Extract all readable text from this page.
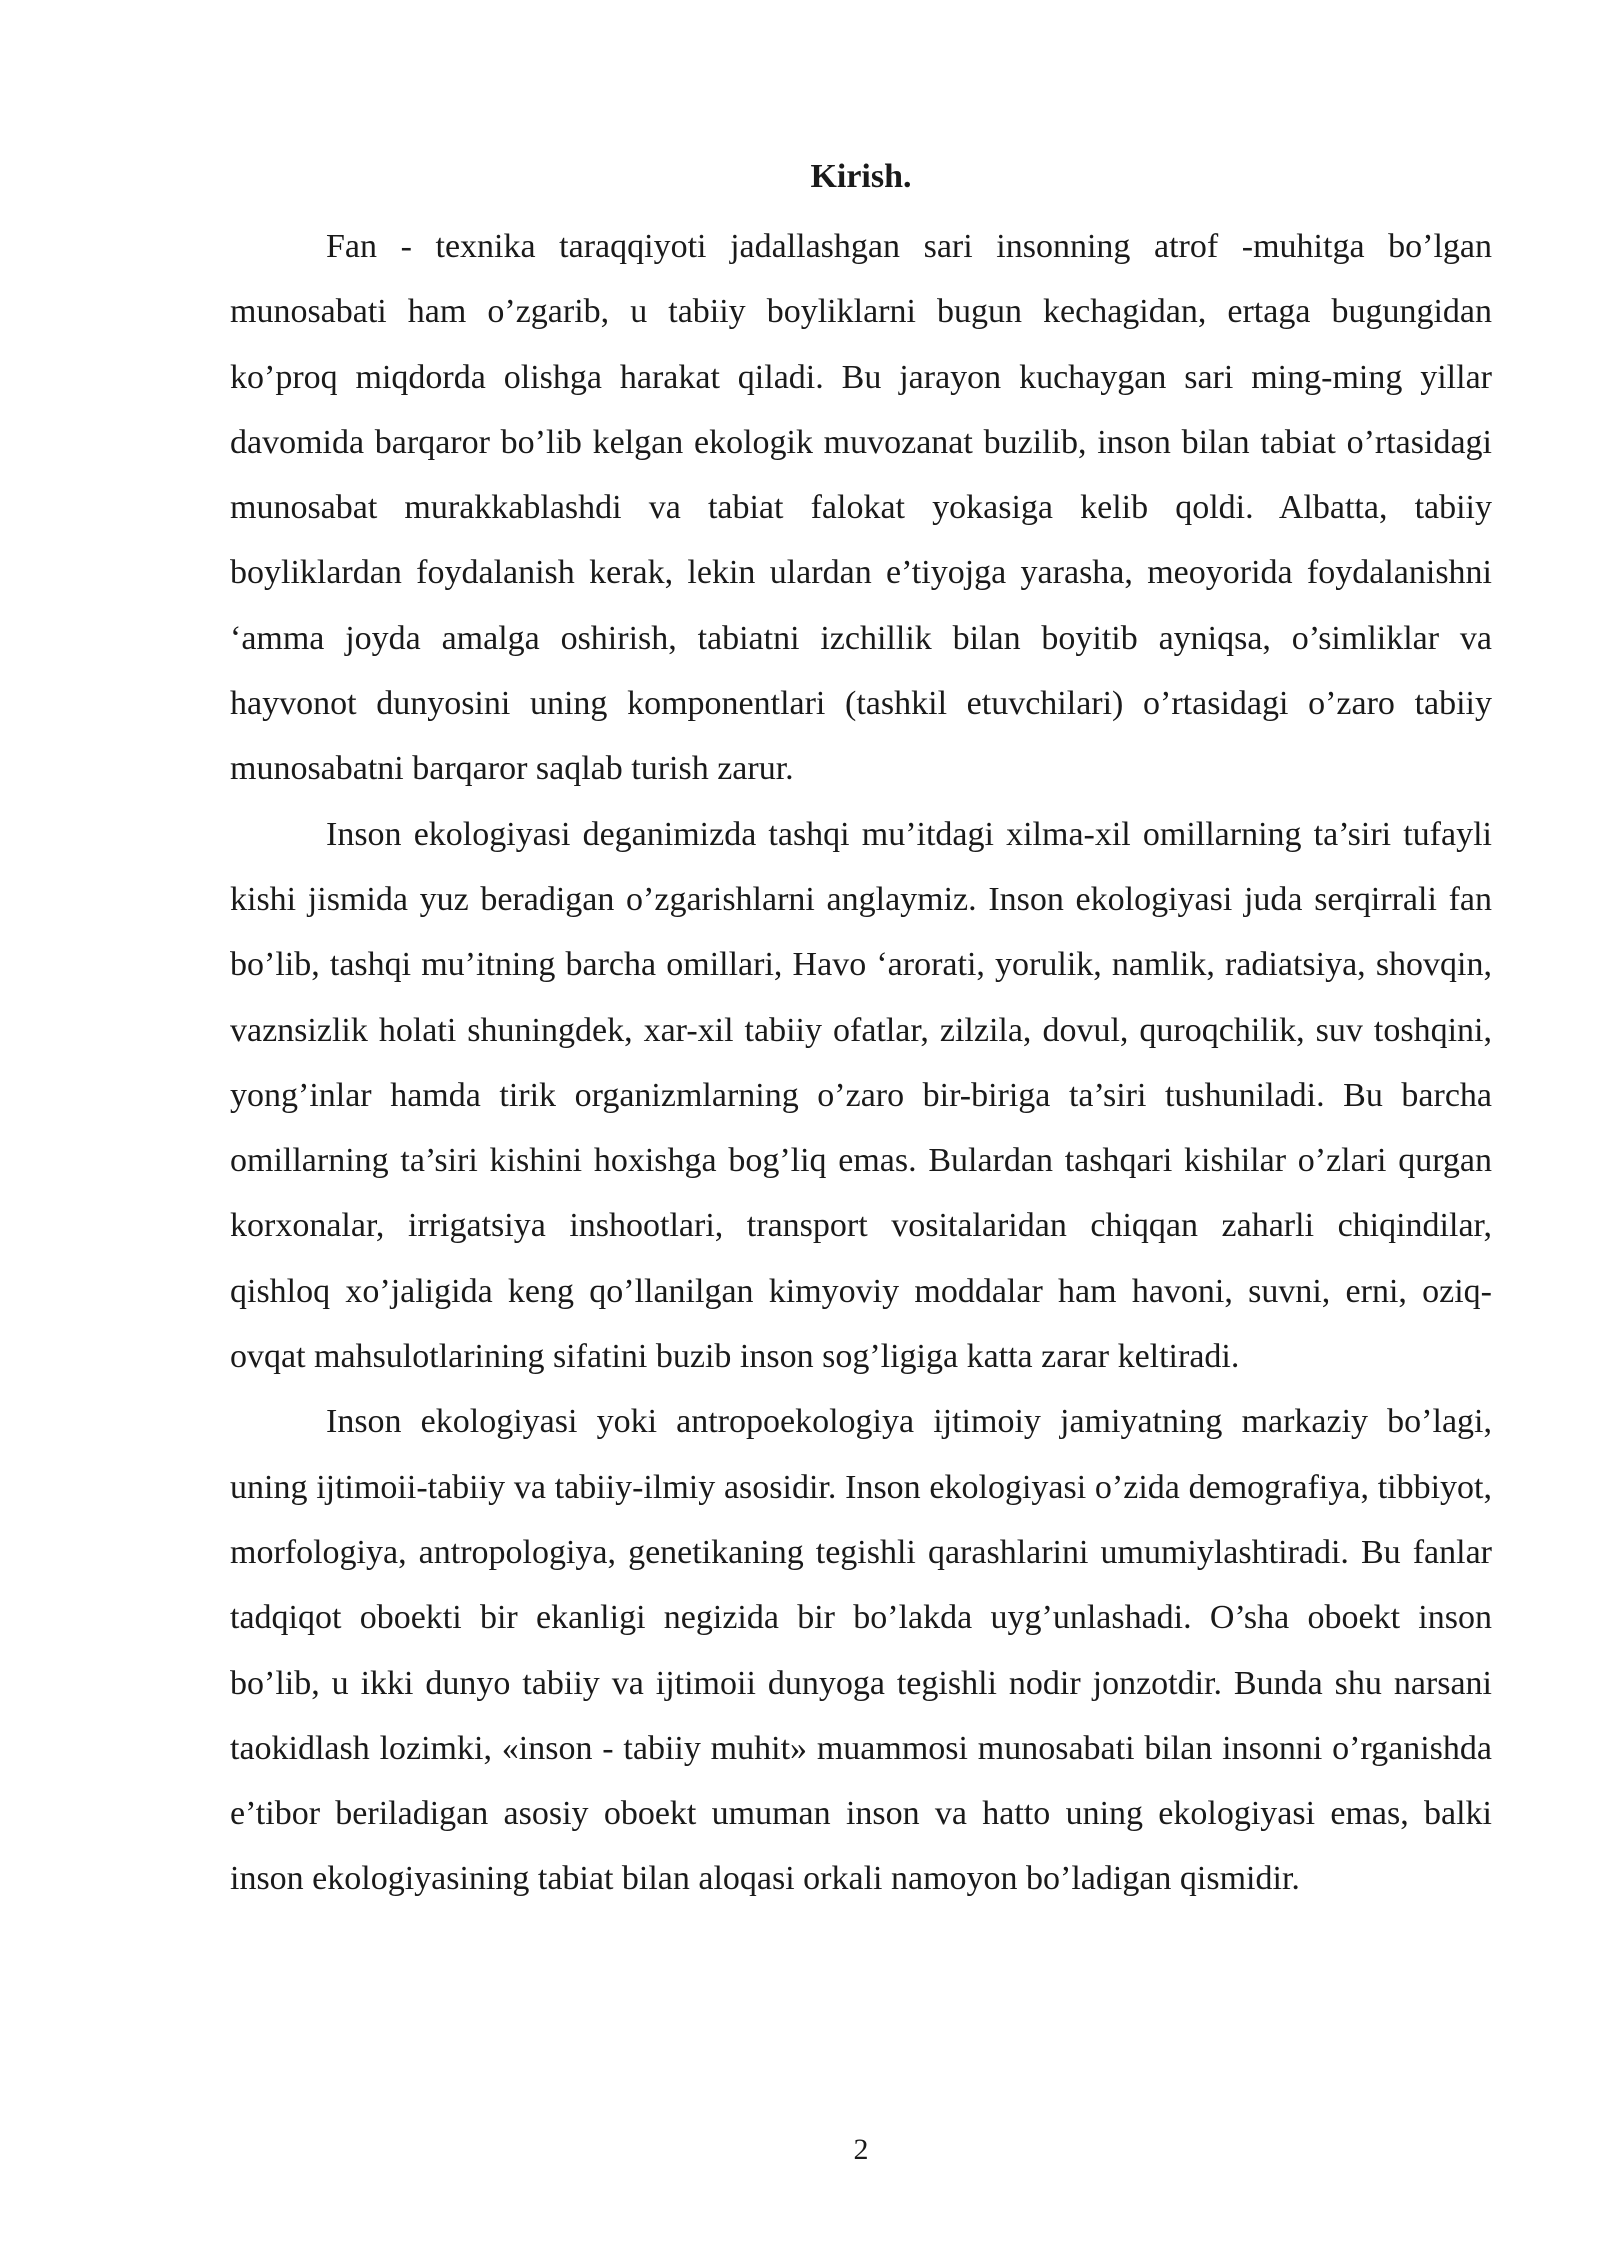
Kirish.

Fan - texnika taraqqiyoti jadallashgan sari insonning atrof -muhitga bo’lgan munosabati ham o’zgarib, u tabiiy boyliklarni bugun kechagidan, ertaga bugungidan ko’proq miqdorda olishga harakat qiladi. Bu jarayon kuchaygan sari ming-ming yillar davomida barqaror bo’lib kelgan ekologik muvozanat buzilib, inson bilan tabiat o’rtasidagi munosabat murakkablashdi va tabiat falokat yokasiga kelib qoldi. Albatta, tabiiy boyliklardan foydalanish kerak, lekin ulardan e’tiyojga yarasha, meoyorida foydalanishni ‘amma joyda amalga oshirish, tabiatni izchillik bilan boyitib ayniqsa, o’simliklar va hayvonot dunyosini uning komponentlari (tashkil etuvchilari) o’rtasidagi o’zaro tabiiy munosabatni barqaror saqlab turish zarur.

Inson ekologiyasi deganimizda tashqi mu’itdagi xilma-xil omillarning ta’siri tufayli kishi jismida yuz beradigan o’zgarishlarni anglaymiz. Inson ekologiyasi juda serqirrali fan bo’lib, tashqi mu’itning barcha omillari, Havo ‘arorati, yorulik, namlik, radiatsiya, shovqin, vaznsizlik holati shuningdek, xar-xil tabiiy ofatlar, zilzila, dovul, quroqchilik, suv toshqini, yong’inlar hamda tirik organizmlarning o’zaro bir-biriga ta’siri tushuniladi. Bu barcha omillarning ta’siri kishini hoxishga bog’liq emas. Bulardan tashqari kishilar o’zlari qurgan korxonalar, irrigatsiya inshootlari, transport vositalaridan chiqqan zaharli chiqindilar, qishloq xo’jaligida keng qo’llanilgan kimyoviy moddalar ham havoni, suvni, erni, oziq-ovqat mahsulotlarining sifatini buzib inson sog’ligiga katta zarar keltiradi.

Inson ekologiyasi yoki antropoekologiya ijtimoiy jamiyatning markaziy bo’lagi, uning ijtimoii-tabiiy va tabiiy-ilmiy asosidir. Inson ekologiyasi o’zida demografiya, tibbiyot, morfologiya, antropologiya, genetikaning tegishli qarashlarini umumiylashtiradi. Bu fanlar tadqiqot oboekti bir ekanligi negizida bir bo’lakda uyg’unlashadi. O’sha oboekt inson bo’lib, u ikki dunyo tabiiy va ijtimoii dunyoga tegishli nodir jonzotdir. Bunda shu narsani taokidlash lozimki, «inson - tabiiy muhit» muammosi munosabati bilan insonni o’rganishda e’tibor beriladigan asosiy oboekt umuman inson va hatto uning ekologiyasi emas, balki inson ekologiyasining tabiat bilan aloqasi orkali namoyon bo’ladigan qismidir.

2
